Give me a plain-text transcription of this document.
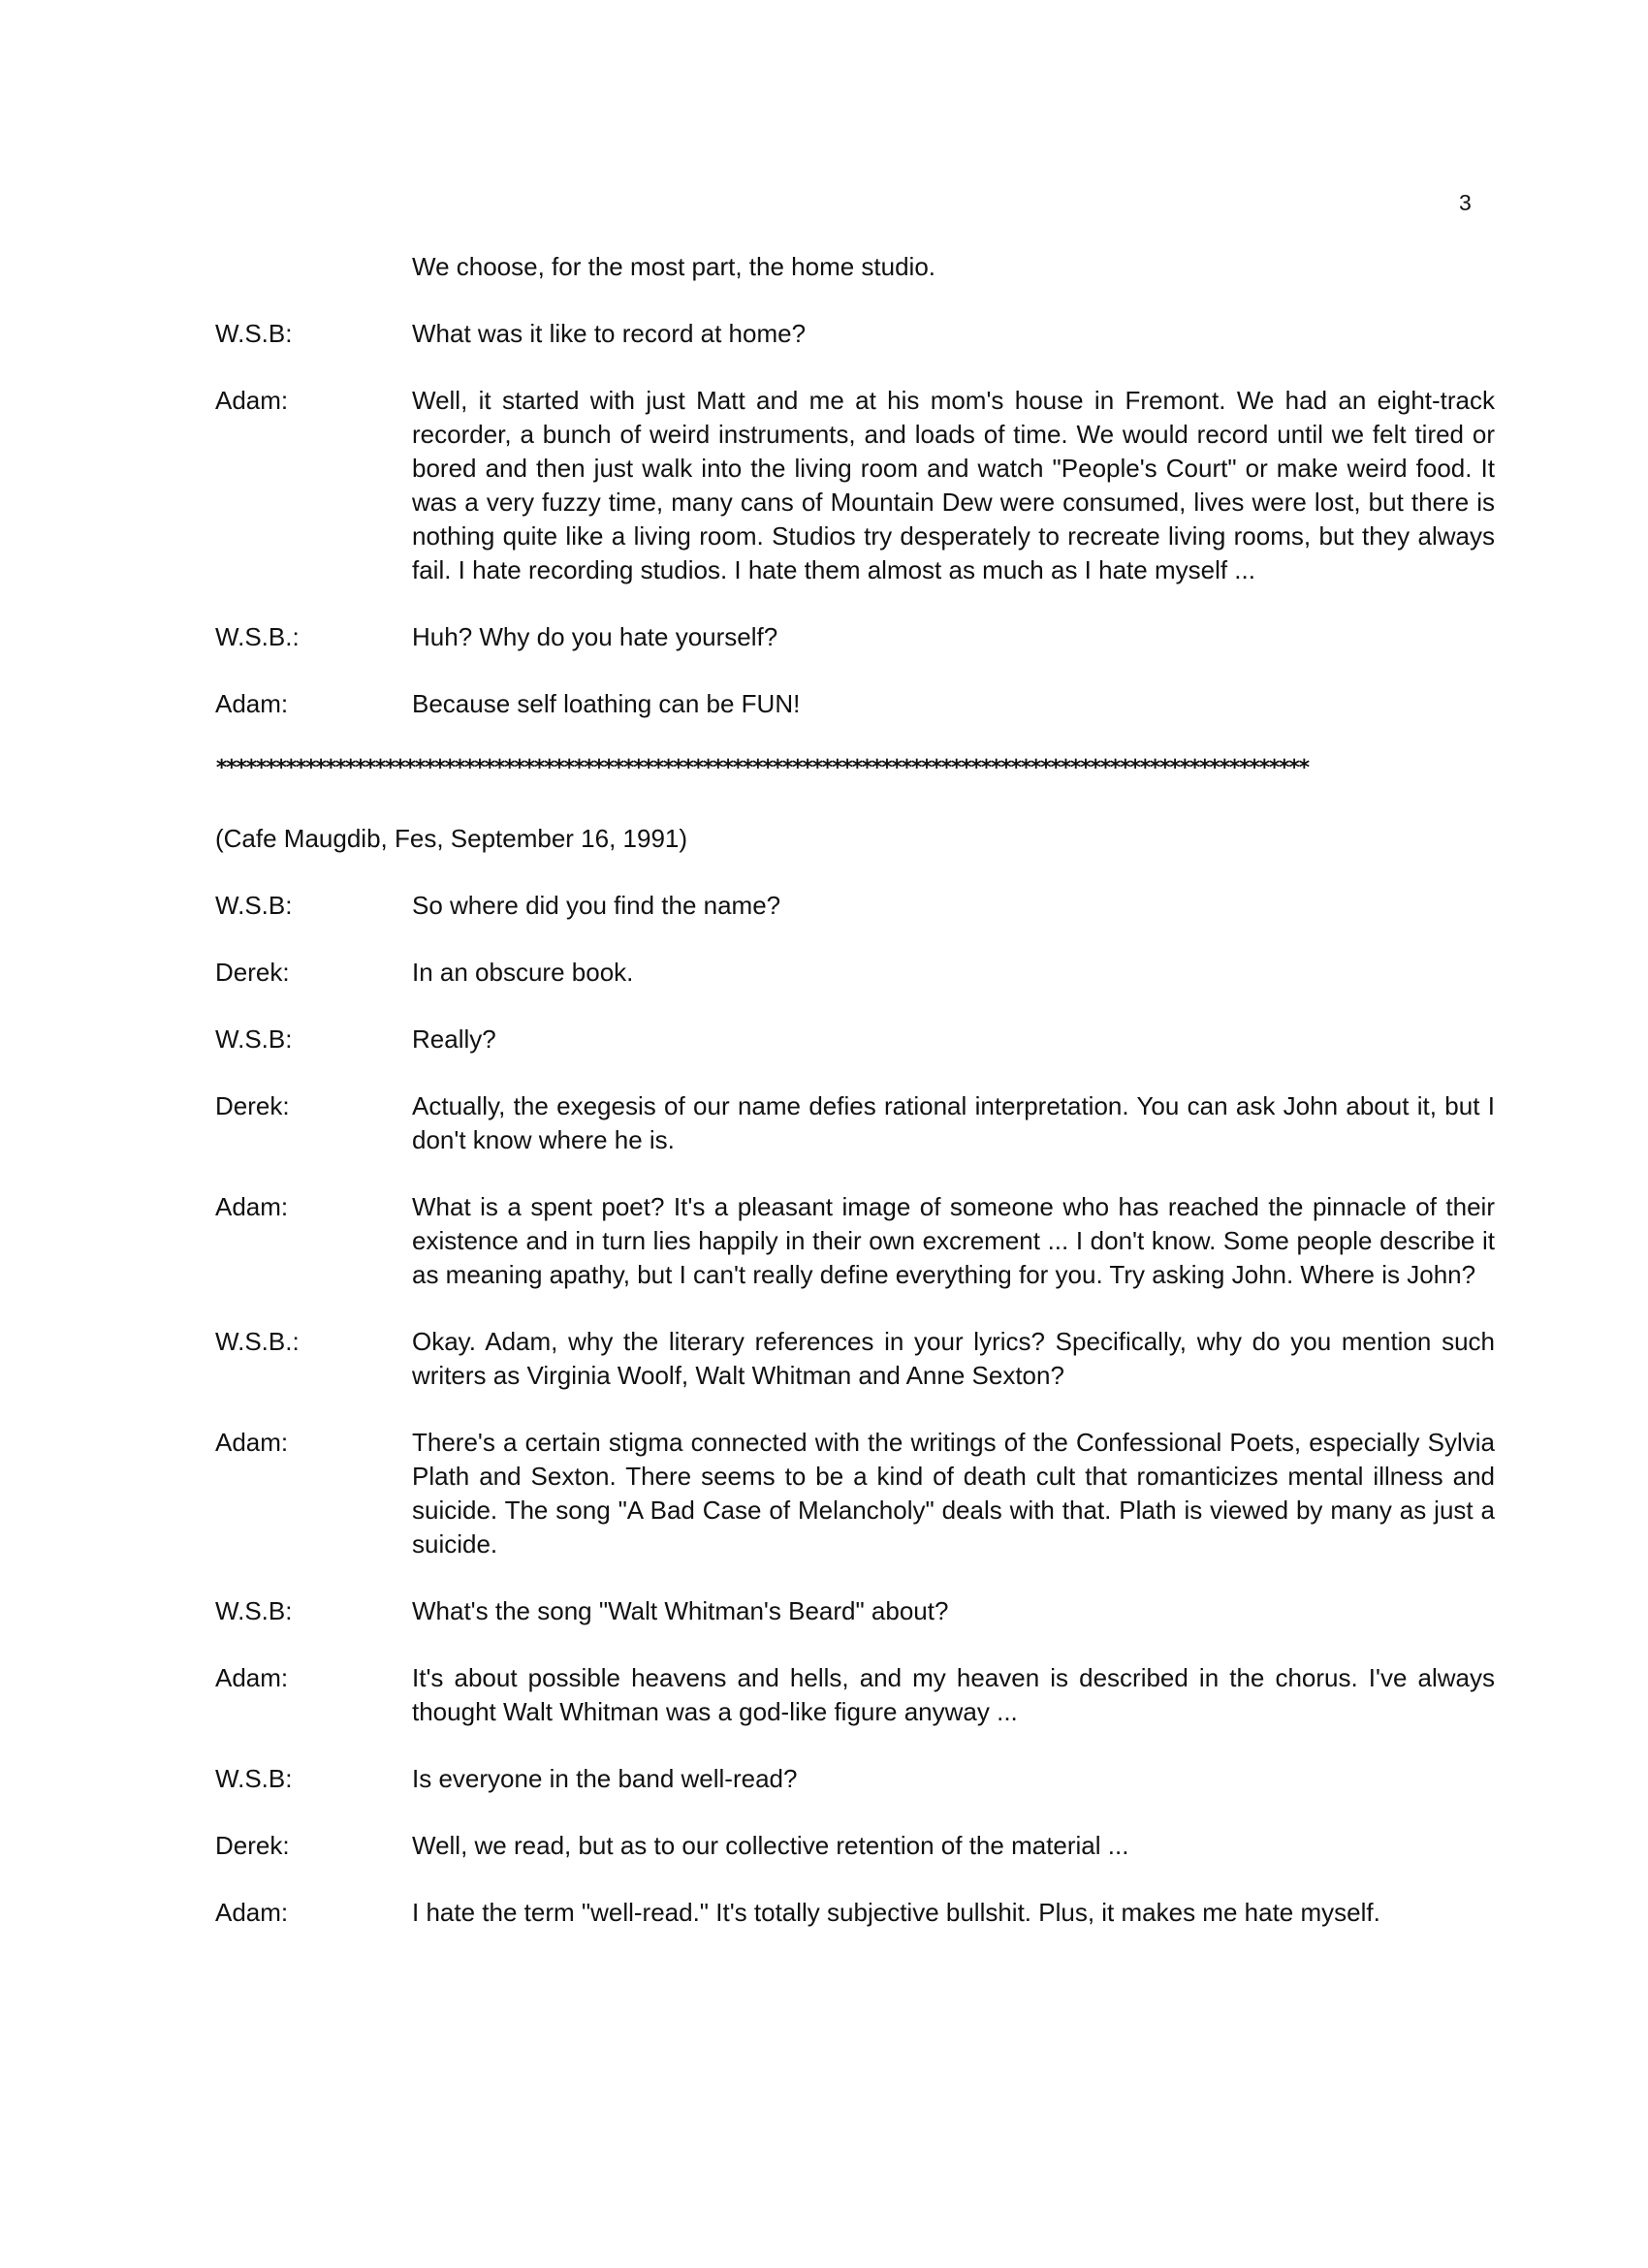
3
We choose, for the most part, the home studio.
W.S.B:	What was it like to record at home?
Adam:	Well, it started with just Matt and me at his mom's house in Fremont. We had an eight-track recorder, a bunch of weird instruments, and loads of time. We would record until we felt tired or bored and then just walk into the living room and watch "People's Court" or make weird food. It was a very fuzzy time, many cans of Mountain Dew were consumed, lives were lost, but there is nothing quite like a living room. Studios try desperately to recreate living rooms, but they always fail. I hate recording studios. I hate them almost as much as I hate myself ...
W.S.B.:	Huh? Why do you hate yourself?
Adam:	Because self loathing can be FUN!
**************************************************************************************************************
(Cafe Maugdib, Fes, September 16, 1991)
W.S.B:	So where did you find the name?
Derek:	In an obscure book.
W.S.B:	Really?
Derek:	Actually, the exegesis of our name defies rational interpretation. You can ask John about it, but I don't know where he is.
Adam:	What is a spent poet? It's a pleasant image of someone who has reached the pinnacle of their existence and in turn lies happily in their own excrement ... I don't know. Some people describe it as meaning apathy, but I can't really define everything for you. Try asking John. Where is John?
W.S.B.:	Okay. Adam, why the literary references in your lyrics? Specifically, why do you mention such writers as Virginia Woolf, Walt Whitman and Anne Sexton?
Adam:	There's a certain stigma connected with the writings of the Confessional Poets, especially Sylvia Plath and Sexton. There seems to be a kind of death cult that romanticizes mental illness and suicide. The song "A Bad Case of Melancholy" deals with that. Plath is viewed by many as just a suicide.
W.S.B:	What's the song "Walt Whitman's Beard" about?
Adam:	It's about possible heavens and hells, and my heaven is described in the chorus. I've always thought Walt Whitman was a god-like figure anyway ...
W.S.B:	Is everyone in the band well-read?
Derek:	Well, we read, but as to our collective retention of the material ...
Adam:	I hate the term "well-read." It's totally subjective bullshit. Plus, it makes me hate myself.
